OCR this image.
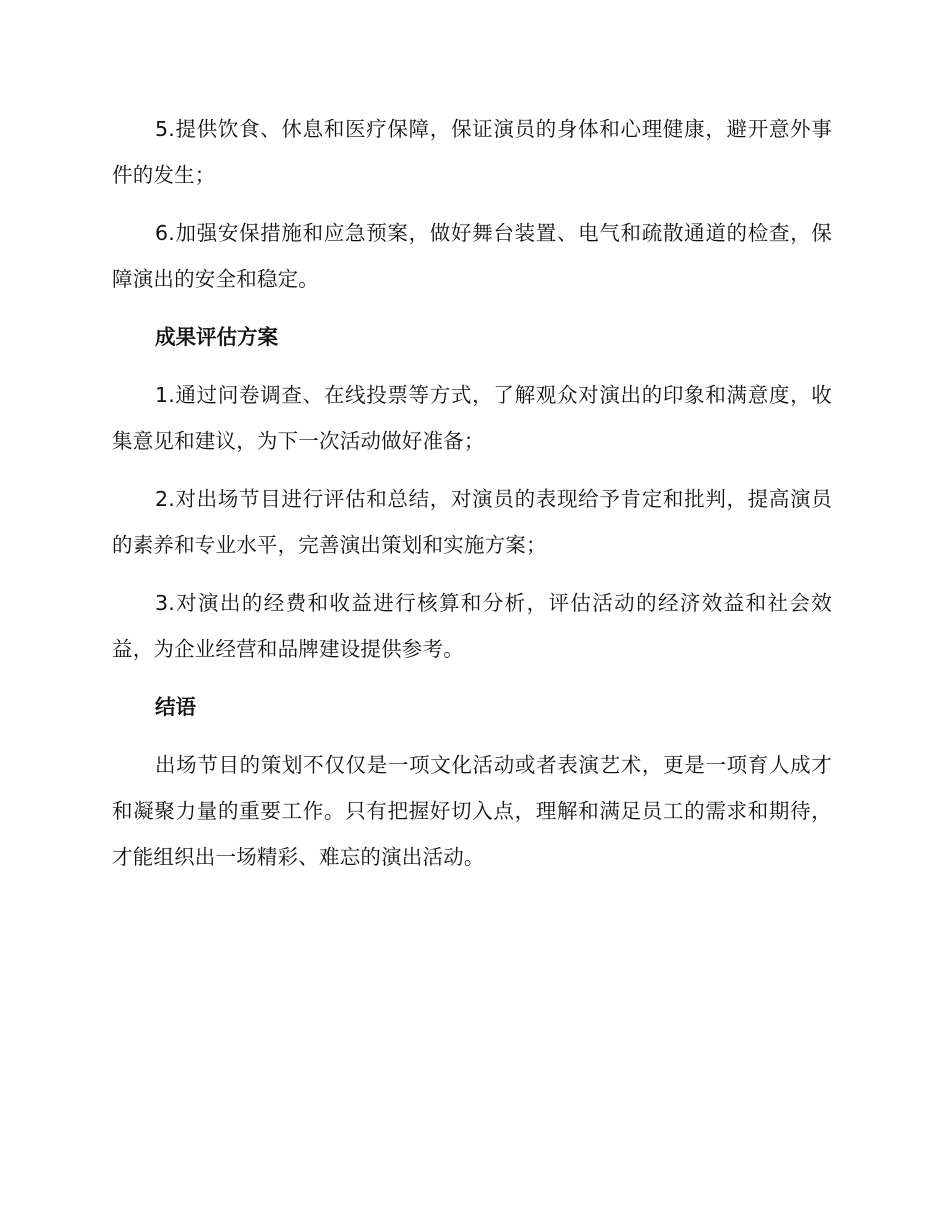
5.提供饮食、休息和医疗保障，保证演员的身体和心理健康，避开意外事件的发生；

6.加强安保措施和应急预案，做好舞台装置、电气和疏散通道的检查，保障演出的安全和稳定。

成果评估方案

1.通过问卷调查、在线投票等方式，了解观众对演出的印象和满意度，收集意见和建议，为下一次活动做好准备；

2.对出场节目进行评估和总结，对演员的表现给予肯定和批判，提高演员的素养和专业水平，完善演出策划和实施方案；

3.对演出的经费和收益进行核算和分析，评估活动的经济效益和社会效益，为企业经营和品牌建设提供参考。

结语

出场节目的策划不仅仅是一项文化活动或者表演艺术，更是一项育人成才和凝聚力量的重要工作。只有把握好切入点，理解和满足员工的需求和期待，才能组织出一场精彩、难忘的演出活动。
